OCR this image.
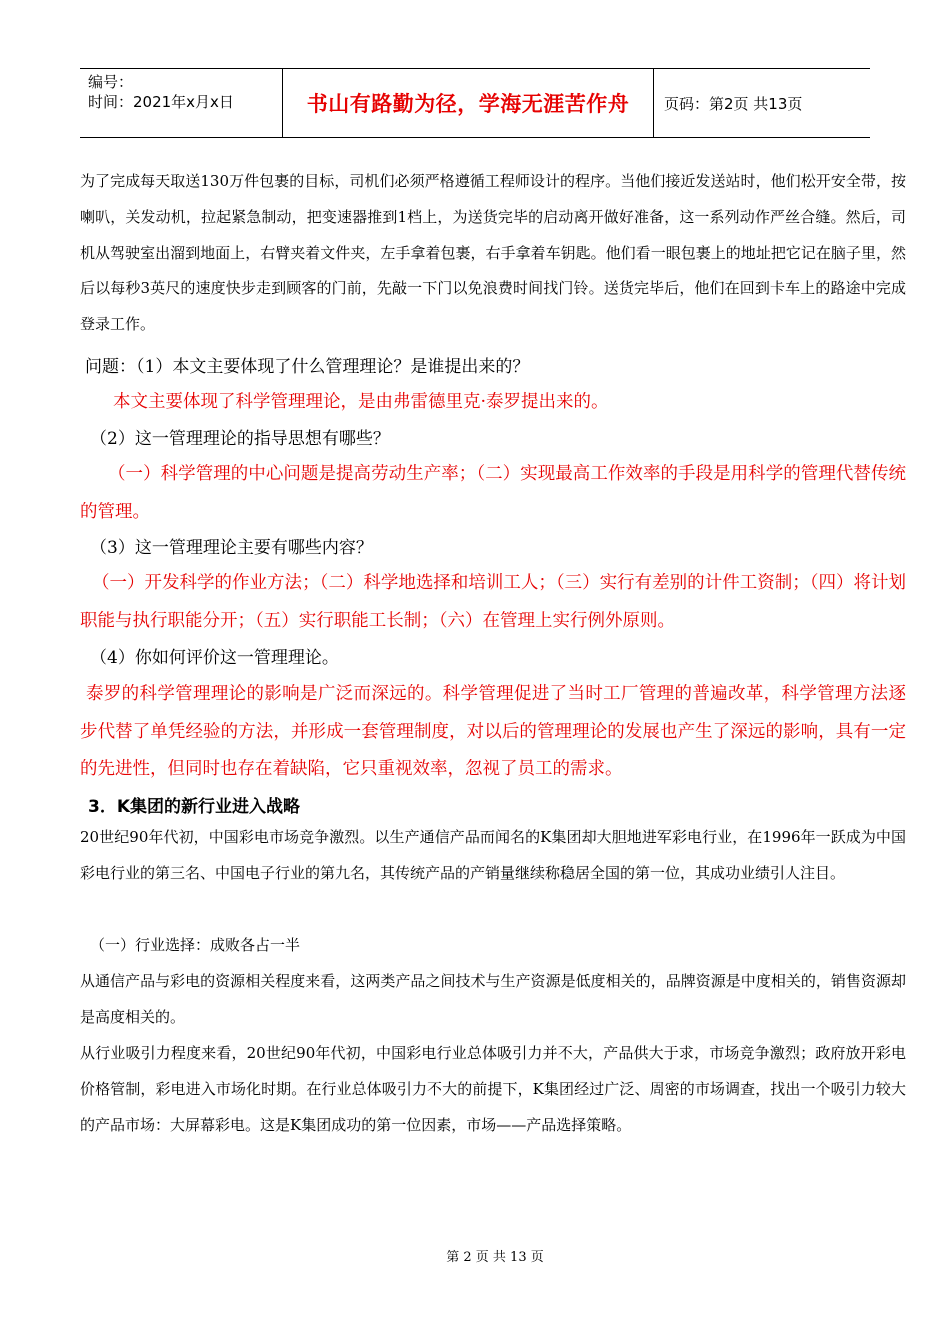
编号：
时间：2021年x月x日	书山有路勤为径，学海无涯苦作舟 页码：第2页 共13页

为了完成每天取送130万件包裹的目标，司机们必须严格遵循工程师设计的程序。当他们接近发送站时，他们松开安全带，按喇叭，关发动机，拉起紧急制动，把变速器推到1档上，为送货完毕的启动离开做好准备，这一系列动作严丝合缝。然后，司机从驾驶室出溜到地面上，右臂夹着文件夹，左手拿着包裹，右手拿着车钥匙。他们看一眼包裹上的地址把它记在脑子里，然后以每秒3英尺的速度快步走到顾客的门前，先敲一下门以免浪费时间找门铃。送货完毕后，他们在回到卡车上的路途中完成登录工作。

问题：（1）本文主要体现了什么管理理论？是谁提出来的？

本文主要体现了科学管理理论，是由弗雷德里克·泰罗提出来的。

（2）这一管理理论的指导思想有哪些？

（一）科学管理的中心问题是提高劳动生产率；（二）实现最高工作效率的手段是用科学的管理代替传统的管理。

（3）这一管理理论主要有哪些内容？

（一）开发科学的作业方法；（二）科学地选择和培训工人；（三）实行有差别的计件工资制；（四）将计划职能与执行职能分开；（五）实行职能工长制；（六）在管理上实行例外原则。

（4）你如何评价这一管理理论。

泰罗的科学管理理论的影响是广泛而深远的。科学管理促进了当时工厂管理的普遍改革，科学管理方法逐步代替了单凭经验的方法，并形成一套管理制度，对以后的管理理论的发展也产生了深远的影响，具有一定的先进性，但同时也存在着缺陷，它只重视效率，忽视了员工的需求。

3．K集团的新行业进入战略

20世纪90年代初，中国彩电市场竞争激烈。以生产通信产品而闻名的K集团却大胆地进军彩电行业，在1996年一跃成为中国彩电行业的第三名、中国电子行业的第九名，其传统产品的产销量继续称稳居全国的第一位，其成功业绩引人注目。

（一）行业选择：成败各占一半

从通信产品与彩电的资源相关程度来看，这两类产品之间技术与生产资源是低度相关的，品牌资源是中度相关的，销售资源却是高度相关的。

从行业吸引力程度来看，20世纪90年代初，中国彩电行业总体吸引力并不大，产品供大于求，市场竞争激烈；政府放开彩电价格管制，彩电进入市场化时期。在行业总体吸引力不大的前提下，K集团经过广泛、周密的市场调查，找出一个吸引力较大的产品市场：大屏幕彩电。这是K集团成功的第一位因素，市场——产品选择策略。

第 2 页 共 13 页
